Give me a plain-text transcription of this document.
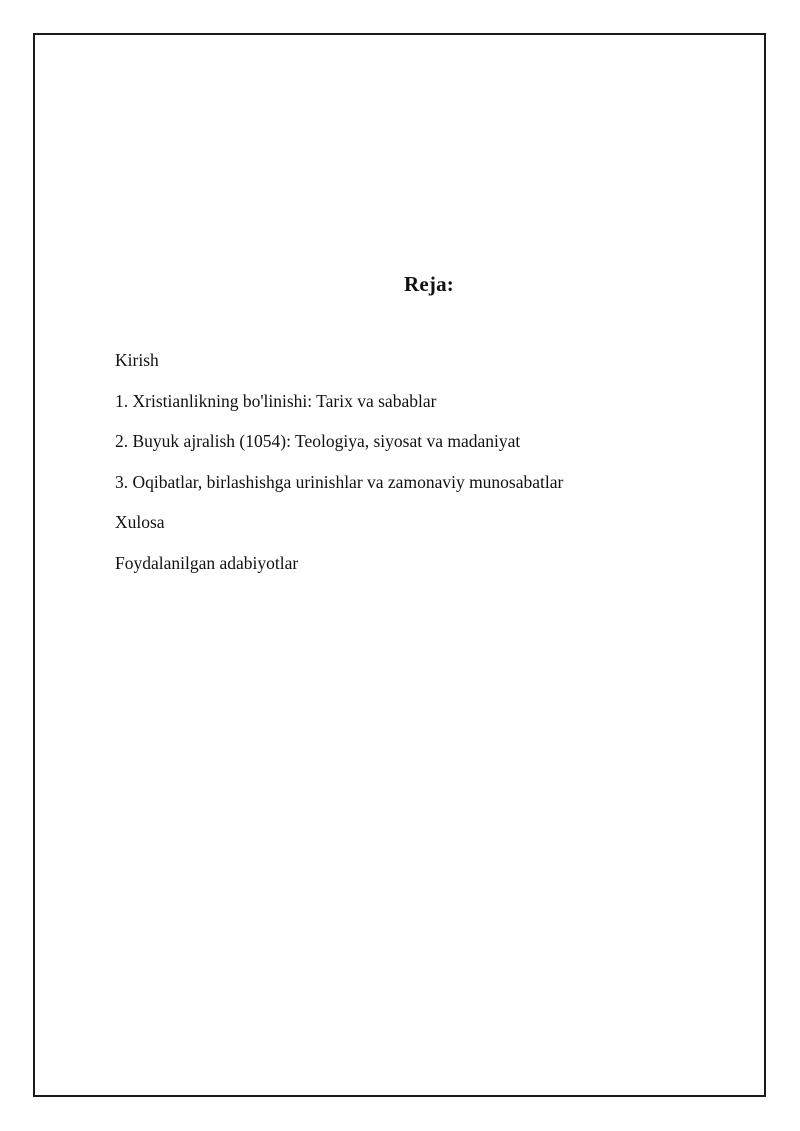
Reja:
Kirish
1. Xristianlikning bo'linishi: Tarix va sabablar
2. Buyuk ajralish (1054): Teologiya, siyosat va madaniyat
3. Oqibatlar, birlashishga urinishlar va zamonaviy munosabatlar
Xulosa
Foydalanilgan adabiyotlar
